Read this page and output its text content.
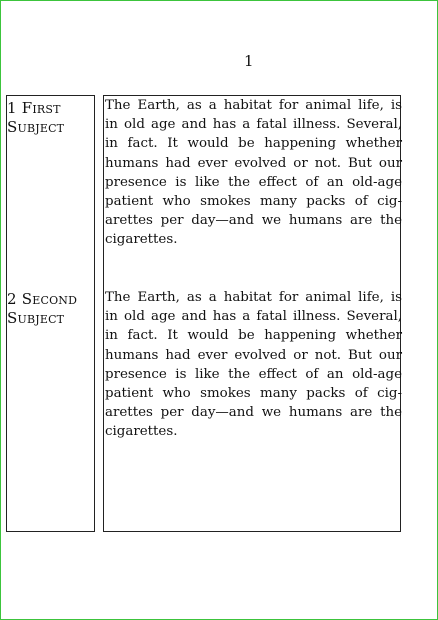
1
1 First
Subject
2 Second
Subject
The Earth, as a habitat for animal life, is
in old age and has a fatal illness. Several,
in fact. It would be happening whether
humans had ever evolved or not. But our
presence is like the effect of an old-age
patient who smokes many packs of cig-
arettes per day—and we humans are the
cigarettes.
The Earth, as a habitat for animal life, is
in old age and has a fatal illness. Several,
in fact. It would be happening whether
humans had ever evolved or not. But our
presence is like the effect of an old-age
patient who smokes many packs of cig-
arettes per day—and we humans are the
cigarettes.
